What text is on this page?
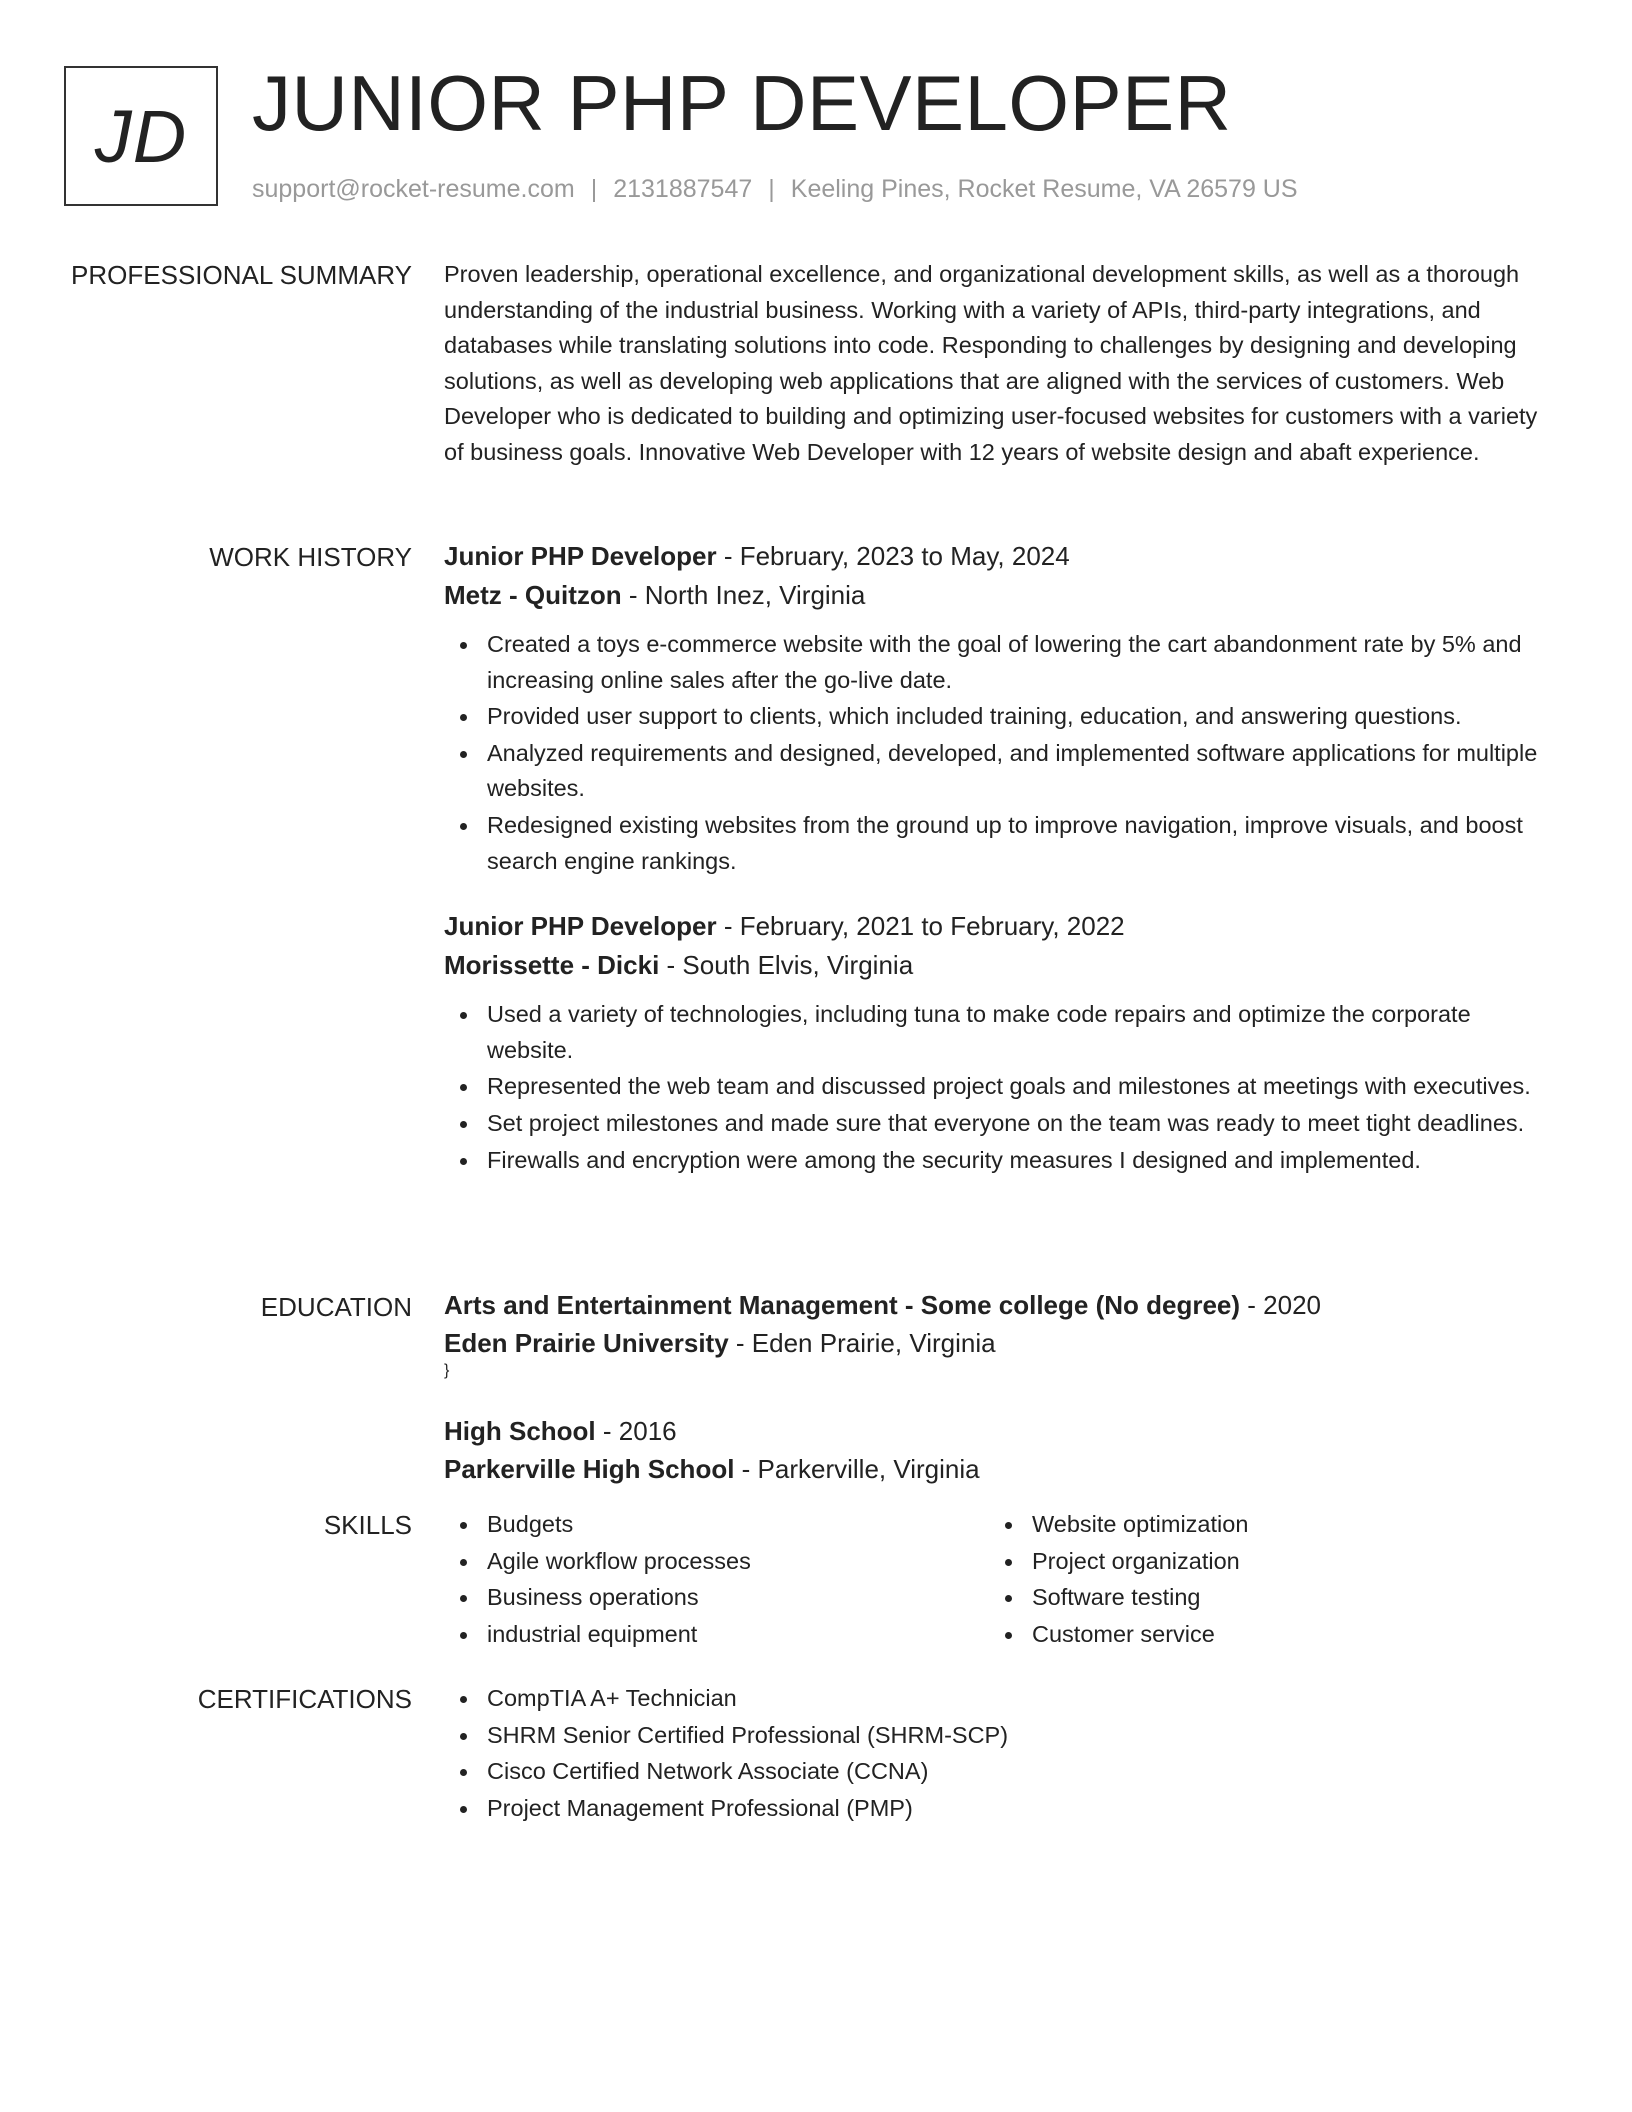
JD JUNIOR PHP DEVELOPER
support@rocket-resume.com | 2131887547 | Keeling Pines, Rocket Resume, VA 26579 US
PROFESSIONAL SUMMARY Proven leadership, operational excellence, and organizational development skills, as well as a thorough understanding of the industrial business. Working with a variety of APIs, third-party integrations, and databases while translating solutions into code. Responding to challenges by designing and developing solutions, as well as developing web applications that are aligned with the services of customers. Web Developer who is dedicated to building and optimizing user-focused websites for customers with a variety of business goals. Innovative Web Developer with 12 years of website design and abaft experience.

WORK HISTORY Junior PHP Developer - February, 2023 to May, 2024
Metz - Quitzon - North Inez, Virginia
Created a toys e-commerce website with the goal of lowering the cart abandonment rate by 5% and increasing online sales after the go-live date.
Provided user support to clients, which included training, education, and answering questions.
Analyzed requirements and designed, developed, and implemented software applications for multiple websites.
Redesigned existing websites from the ground up to improve navigation, improve visuals, and boost search engine rankings.
Junior PHP Developer - February, 2021 to February, 2022
Morissette - Dicki - South Elvis, Virginia
Used a variety of technologies, including tuna to make code repairs and optimize the corporate website.
Represented the web team and discussed project goals and milestones at meetings with executives.
Set project milestones and made sure that everyone on the team was ready to meet tight deadlines.
Firewalls and encryption were among the security measures I designed and implemented.
EDUCATION Arts and Entertainment Management - Some college (No degree) - 2020
Eden Prairie University - Eden Prairie, Virginia
}
High School - 2016
Parkerville High School - Parkerville, Virginia
SKILLS	Budgets
Agile workflow processes
Business operations
industrial equipment
Website optimization
Project organization
Software testing
Customer service
CERTIFICATIONS	CompTIA A+ Technician
SHRM Senior Certified Professional (SHRM-SCP)
Cisco Certified Network Associate (CCNA)
Project Management Professional (PMP)
